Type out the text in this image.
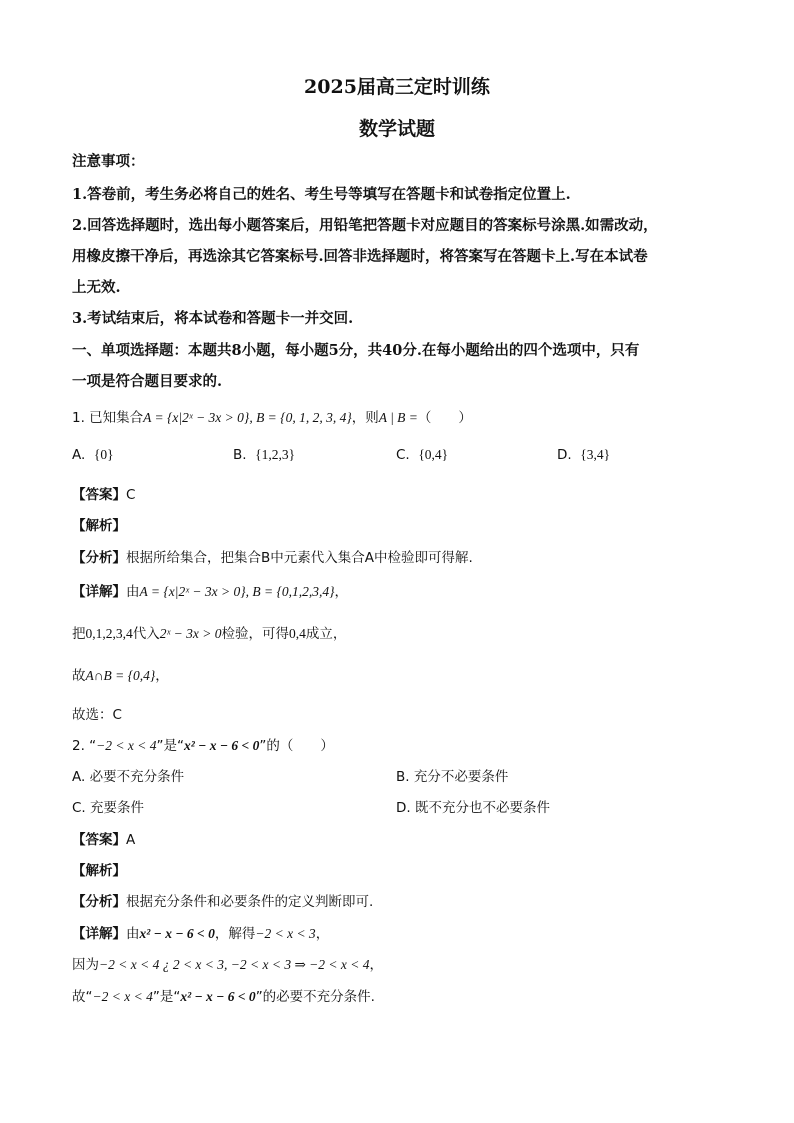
2025届高三定时训练
数学试题
注意事项：
1.答卷前，考生务必将自己的姓名、考生号等填写在答题卡和试卷指定位置上.
2.回答选择题时，选出每小题答案后，用铅笔把答题卡对应题目的答案标号涂黑.如需改动，
用橡皮擦干净后，再选涂其它答案标号.回答非选择题时，将答案写在答题卡上.写在本试卷
上无效.
3.考试结束后，将本试卷和答题卡一并交回.
一、单项选择题：本题共8小题，每小题5分，共40分.在每小题给出的四个选项中，只有
一项是符合题目要求的.
1. 已知集合A = {x|2ˣ − 3x > 0}, B = {0, 1, 2, 3, 4}，则A | B =（　　）
A. {0}	B. {1,2,3}	C. {0,4}	D. {3,4}
【答案】C
【解析】
【分析】根据所给集合，把集合B中元素代入集合A中检验即可得解.
【详解】由A = {x|2ˣ − 3x > 0}, B = {0,1,2,3,4}，
把0,1,2,3,4代入2ˣ − 3x > 0检验，可得0,4成立，
故A∩B = {0,4}，
故选：C
2. “−2 < x < 4”是“x² − x − 6 < 0”的（　　）
A. 必要不充分条件	B. 充分不必要条件
C. 充要条件	D. 既不充分也不必要条件
【答案】A
【解析】
【分析】根据充分条件和必要条件的定义判断即可.
【详解】由x² − x − 6 < 0，解得−2 < x < 3，
因为−2 < x < 4 ¿ 2 < x < 3, −2 < x < 3 ⇒ −2 < x < 4，
故“−2 < x < 4”是“x² − x − 6 < 0”的必要不充分条件.
